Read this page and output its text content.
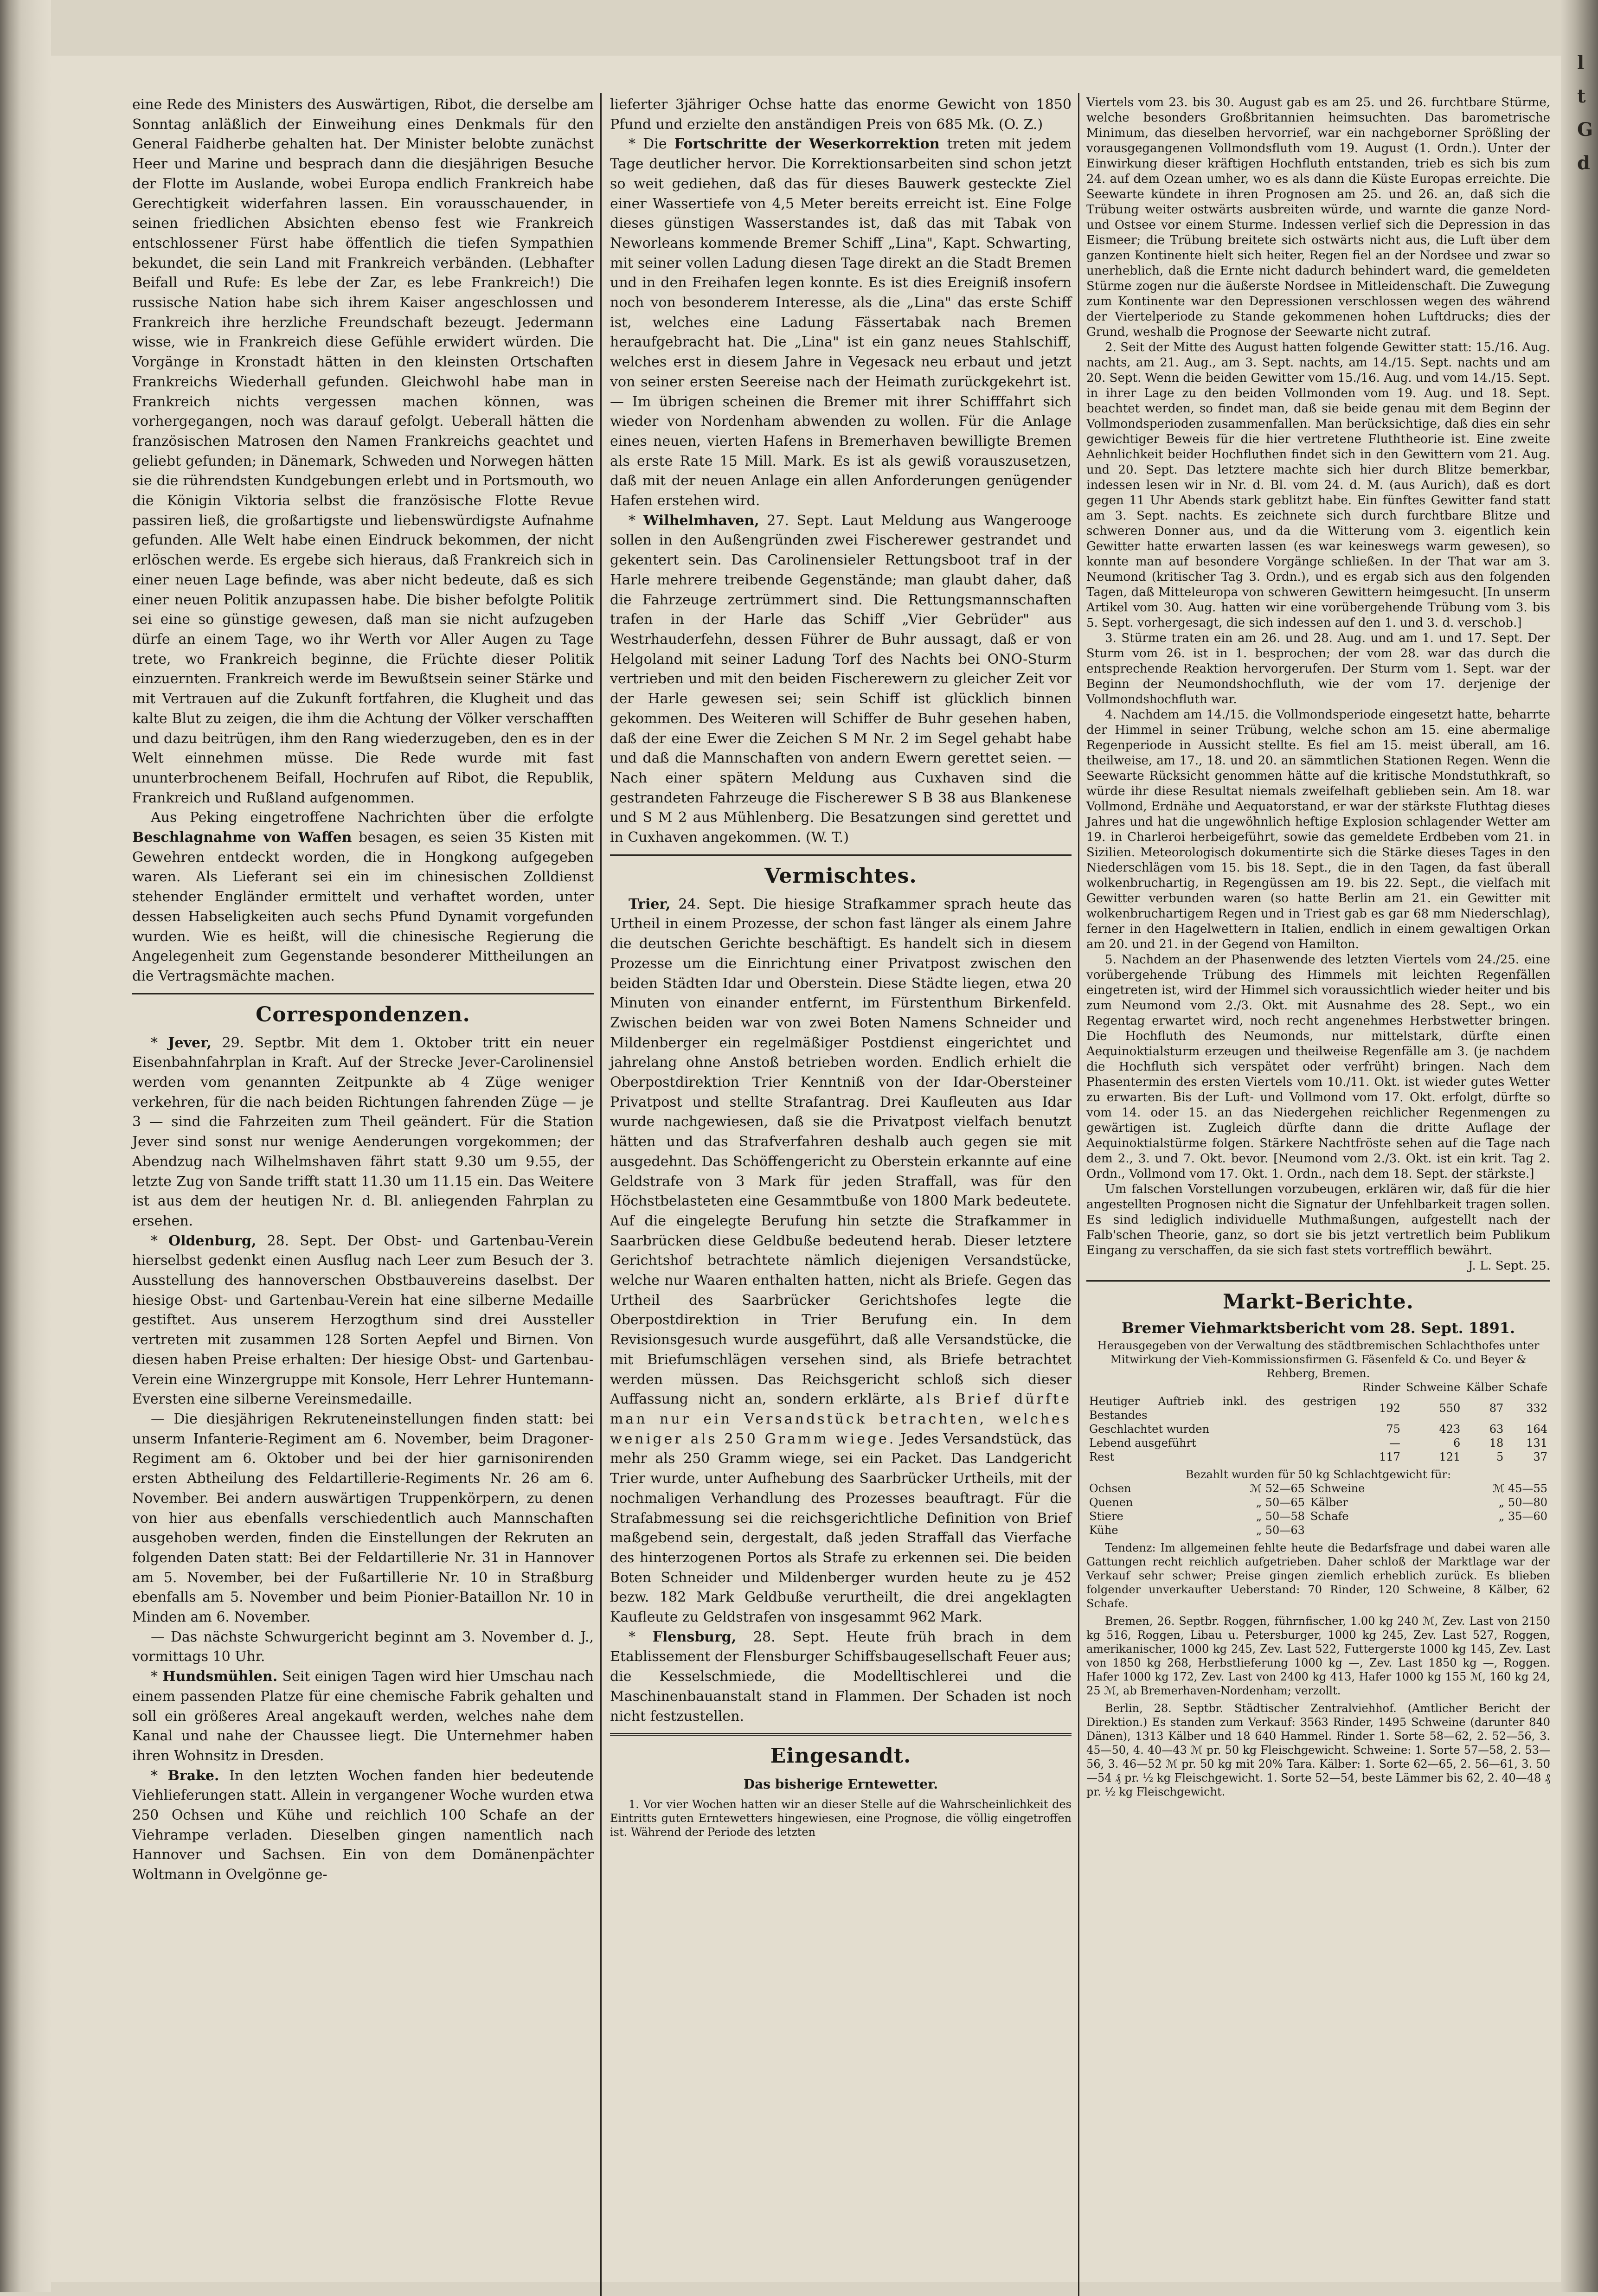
l
t
G
d

eine Rede des Ministers des Auswärtigen, Ribot, die derselbe am Sonntag anläßlich der Einweihung eines Denkmals für den General Faidherbe gehalten hat. Der Minister belobte zunächst Heer und Marine und besprach dann die diesjährigen Besuche der Flotte im Auslande, wobei Europa endlich Frankreich habe Gerechtigkeit widerfahren lassen. Ein vorausschauender, in seinen friedlichen Absichten ebenso fest wie Frankreich entschlossener Fürst habe öffentlich die tiefen Sympathien bekundet, die sein Land mit Frankreich verbänden. (Lebhafter Beifall und Rufe: Es lebe der Zar, es lebe Frankreich!) Die russische Nation habe sich ihrem Kaiser angeschlossen und Frankreich ihre herzliche Freundschaft bezeugt. Jedermann wisse, wie in Frankreich diese Gefühle erwidert würden. Die Vorgänge in Kronstadt hätten in den kleinsten Ortschaften Frankreichs Wiederhall gefunden. Gleichwohl habe man in Frankreich nichts vergessen machen können, was vorhergegangen, noch was darauf gefolgt. Ueberall hätten die französischen Matrosen den Namen Frankreichs geachtet und geliebt gefunden; in Dänemark, Schweden und Norwegen hätten sie die rührendsten Kundgebungen erlebt und in Portsmouth, wo die Königin Viktoria selbst die französische Flotte Revue passiren ließ, die großartigste und liebenswürdigste Aufnahme gefunden. Alle Welt habe einen Eindruck bekommen, der nicht erlöschen werde. Es ergebe sich hieraus, daß Frankreich sich in einer neuen Lage befinde, was aber nicht bedeute, daß es sich einer neuen Politik anzupassen habe. Die bisher befolgte Politik sei eine so günstige gewesen, daß man sie nicht aufzugeben dürfe an einem Tage, wo ihr Werth vor Aller Augen zu Tage trete, wo Frankreich beginne, die Früchte dieser Politik einzuernten. Frankreich werde im Bewußtsein seiner Stärke und mit Vertrauen auf die Zukunft fortfahren, die Klugheit und das kalte Blut zu zeigen, die ihm die Achtung der Völker verschafften und dazu beitrügen, ihm den Rang wiederzugeben, den es in der Welt einnehmen müsse. Die Rede wurde mit fast ununterbrochenem Beifall, Hochrufen auf Ribot, die Republik, Frankreich und Rußland aufgenommen.

Aus Peking eingetroffene Nachrichten über die erfolgte Beschlagnahme von Waffen besagen, es seien 35 Kisten mit Gewehren entdeckt worden, die in Hongkong aufgegeben waren. Als Lieferant sei ein im chinesischen Zolldienst stehender Engländer ermittelt und verhaftet worden, unter dessen Habseligkeiten auch sechs Pfund Dynamit vorgefunden wurden. Wie es heißt, will die chinesische Regierung die Angelegenheit zum Gegenstande besonderer Mittheilungen an die Vertragsmächte machen.

Correspondenzen.

* Jever, 29. Septbr. Mit dem 1. Oktober tritt ein neuer Eisenbahnfahrplan in Kraft. Auf der Strecke Jever-Carolinensiel werden vom genannten Zeitpunkte ab 4 Züge weniger verkehren, für die nach beiden Richtungen fahrenden Züge — je 3 — sind die Fahrzeiten zum Theil geändert. Für die Station Jever sind sonst nur wenige Aenderungen vorgekommen; der Abendzug nach Wilhelmshaven fährt statt 9.30 um 9.55, der letzte Zug von Sande trifft statt 11.30 um 11.15 ein. Das Weitere ist aus dem der heutigen Nr. d. Bl. anliegenden Fahrplan zu ersehen.

* Oldenburg, 28. Sept. Der Obst- und Gartenbau-Verein hierselbst gedenkt einen Ausflug nach Leer zum Besuch der 3. Ausstellung des hannoverschen Obstbauvereins daselbst. Der hiesige Obst- und Gartenbau-Verein hat eine silberne Medaille gestiftet. Aus unserem Herzogthum sind drei Aussteller vertreten mit zusammen 128 Sorten Aepfel und Birnen. Von diesen haben Preise erhalten: Der hiesige Obst- und Gartenbau-Verein eine Winzergruppe mit Konsole, Herr Lehrer Huntemann-Eversten eine silberne Vereinsmedaille.

— Die diesjährigen Rekruteneinstellungen finden statt: bei unserm Infanterie-Regiment am 6. November, beim Dragoner-Regiment am 6. Oktober und bei der hier garnisonirenden ersten Abtheilung des Feldartillerie-Regiments Nr. 26 am 6. November. Bei andern auswärtigen Truppenkörpern, zu denen von hier aus ebenfalls verschiedentlich auch Mannschaften ausgehoben werden, finden die Einstellungen der Rekruten an folgenden Daten statt: Bei der Feldartillerie Nr. 31 in Hannover am 5. November, bei der Fußartillerie Nr. 10 in Straßburg ebenfalls am 5. November und beim Pionier-Bataillon Nr. 10 in Minden am 6. November.

— Das nächste Schwurgericht beginnt am 3. November d. J., vormittags 10 Uhr.

* Hundsmühlen. Seit einigen Tagen wird hier Umschau nach einem passenden Platze für eine chemische Fabrik gehalten und soll ein größeres Areal angekauft werden, welches nahe dem Kanal und nahe der Chaussee liegt. Die Unternehmer haben ihren Wohnsitz in Dresden.

* Brake. In den letzten Wochen fanden hier bedeutende Viehlieferungen statt. Allein in vergangener Woche wurden etwa 250 Ochsen und Kühe und reichlich 100 Schafe an der Viehrampe verladen. Dieselben gingen namentlich nach Hannover und Sachsen. Ein von dem Domänenpächter Woltmann in Ovelgönne ge-

lieferter 3jähriger Ochse hatte das enorme Gewicht von 1850 Pfund und erzielte den anständigen Preis von 685 Mk. (O. Z.)

* Die Fortschritte der Weserkorrektion treten mit jedem Tage deutlicher hervor. Die Korrektionsarbeiten sind schon jetzt so weit gediehen, daß das für dieses Bauwerk gesteckte Ziel einer Wassertiefe von 4,5 Meter bereits erreicht ist. Eine Folge dieses günstigen Wasserstandes ist, daß das mit Tabak von Neworleans kommende Bremer Schiff „Lina", Kapt. Schwarting, mit seiner vollen Ladung diesen Tage direkt an die Stadt Bremen und in den Freihafen legen konnte. Es ist dies Ereigniß insofern noch von besonderem Interesse, als die „Lina" das erste Schiff ist, welches eine Ladung Fässertabak nach Bremen heraufgebracht hat. Die „Lina" ist ein ganz neues Stahlschiff, welches erst in diesem Jahre in Vegesack neu erbaut und jetzt von seiner ersten Seereise nach der Heimath zurückgekehrt ist. — Im übrigen scheinen die Bremer mit ihrer Schifffahrt sich wieder von Nordenham abwenden zu wollen. Für die Anlage eines neuen, vierten Hafens in Bremerhaven bewilligte Bremen als erste Rate 15 Mill. Mark. Es ist als gewiß vorauszusetzen, daß mit der neuen Anlage ein allen Anforderungen genügender Hafen erstehen wird.

* Wilhelmhaven, 27. Sept. Laut Meldung aus Wangerooge sollen in den Außengründen zwei Fischerewer gestrandet und gekentert sein. Das Carolinensieler Rettungsboot traf in der Harle mehrere treibende Gegenstände; man glaubt daher, daß die Fahrzeuge zertrümmert sind. Die Rettungsmannschaften trafen in der Harle das Schiff „Vier Gebrüder" aus Westrhauderfehn, dessen Führer de Buhr aussagt, daß er von Helgoland mit seiner Ladung Torf des Nachts bei ONO-Sturm vertrieben und mit den beiden Fischerewern zu gleicher Zeit vor der Harle gewesen sei; sein Schiff ist glücklich binnen gekommen. Des Weiteren will Schiffer de Buhr gesehen haben, daß der eine Ewer die Zeichen S M Nr. 2 im Segel gehabt habe und daß die Mannschaften von andern Ewern gerettet seien. — Nach einer spätern Meldung aus Cuxhaven sind die gestrandeten Fahrzeuge die Fischerewer S B 38 aus Blankenese und S M 2 aus Mühlenberg. Die Besatzungen sind gerettet und in Cuxhaven angekommen. (W. T.)

Vermischtes.

Trier, 24. Sept. Die hiesige Strafkammer sprach heute das Urtheil in einem Prozesse, der schon fast länger als einem Jahre die deutschen Gerichte beschäftigt. Es handelt sich in diesem Prozesse um die Einrichtung einer Privatpost zwischen den beiden Städten Idar und Oberstein. Diese Städte liegen, etwa 20 Minuten von einander entfernt, im Fürstenthum Birkenfeld. Zwischen beiden war von zwei Boten Namens Schneider und Mildenberger ein regelmäßiger Postdienst eingerichtet und jahrelang ohne Anstoß betrieben worden. Endlich erhielt die Oberpostdirektion Trier Kenntniß von der Idar-Obersteiner Privatpost und stellte Strafantrag. Drei Kaufleuten aus Idar wurde nachgewiesen, daß sie die Privatpost vielfach benutzt hätten und das Strafverfahren deshalb auch gegen sie mit ausgedehnt. Das Schöffengericht zu Oberstein erkannte auf eine Geldstrafe von 3 Mark für jeden Straffall, was für den Höchstbelasteten eine Gesammtbuße von 1800 Mark bedeutete. Auf die eingelegte Berufung hin setzte die Strafkammer in Saarbrücken diese Geldbuße bedeutend herab. Dieser letztere Gerichtshof betrachtete nämlich diejenigen Versandstücke, welche nur Waaren enthalten hatten, nicht als Briefe. Gegen das Urtheil des Saarbrücker Gerichtshofes legte die Oberpostdirektion in Trier Berufung ein. In dem Revisionsgesuch wurde ausgeführt, daß alle Versandstücke, die mit Briefumschlägen versehen sind, als Briefe betrachtet werden müssen. Das Reichsgericht schloß sich dieser Auffassung nicht an, sondern erklärte, als Brief dürfte man nur ein Versandstück betrachten, welches weniger als 250 Gramm wiege. Jedes Versandstück, das mehr als 250 Gramm wiege, sei ein Packet. Das Landgericht Trier wurde, unter Aufhebung des Saarbrücker Urtheils, mit der nochmaligen Verhandlung des Prozesses beauftragt. Für die Strafabmessung sei die reichsgerichtliche Definition von Brief maßgebend sein, dergestalt, daß jeden Straffall das Vierfache des hinterzogenen Portos als Strafe zu erkennen sei. Die beiden Boten Schneider und Mildenberger wurden heute zu je 452 bezw. 182 Mark Geldbuße verurtheilt, die drei angeklagten Kaufleute zu Geldstrafen von insgesammt 962 Mark.

* Flensburg, 28. Sept. Heute früh brach in dem Etablissement der Flensburger Schiffsbaugesellschaft Feuer aus; die Kesselschmiede, die Modelltischlerei und die Maschinenbauanstalt stand in Flammen. Der Schaden ist noch nicht festzustellen.

Eingesandt.
Das bisherige Erntewetter.

1. Vor vier Wochen hatten wir an dieser Stelle auf die Wahrscheinlichkeit des Eintritts guten Erntewetters hingewiesen, eine Prognose, die völlig eingetroffen ist. Während der Periode des letzten

Viertels vom 23. bis 30. August gab es am 25. und 26. furchtbare Stürme, welche besonders Großbritannien heimsuchten. Das barometrische Minimum, das dieselben hervorrief, war ein nachgeborner Sprößling der vorausgegangenen Vollmondsfluth vom 19. August (1. Ordn.). Unter der Einwirkung dieser kräftigen Hochfluth entstanden, trieb es sich bis zum 24. auf dem Ozean umher, wo es als dann die Küste Europas erreichte. Die Seewarte kündete in ihren Prognosen am 25. und 26. an, daß sich die Trübung weiter ostwärts ausbreiten würde, und warnte die ganze Nord- und Ostsee vor einem Sturme. Indessen verlief sich die Depression in das Eismeer; die Trübung breitete sich ostwärts nicht aus, die Luft über dem ganzen Kontinente hielt sich heiter, Regen fiel an der Nordsee und zwar so unerheblich, daß die Ernte nicht dadurch behindert ward, die gemeldeten Stürme zogen nur die äußerste Nordsee in Mitleidenschaft. Die Zuwegung zum Kontinente war den Depressionen verschlossen wegen des während der Viertelperiode zu Stande gekommenen hohen Luftdrucks; dies der Grund, weshalb die Prognose der Seewarte nicht zutraf.

2. Seit der Mitte des August hatten folgende Gewitter statt: 15./16. Aug. nachts, am 21. Aug., am 3. Sept. nachts, am 14./15. Sept. nachts und am 20. Sept. Wenn die beiden Gewitter vom 15./16. Aug. und vom 14./15. Sept. in ihrer Lage zu den beiden Vollmonden vom 19. Aug. und 18. Sept. beachtet werden, so findet man, daß sie beide genau mit dem Beginn der Vollmondsperioden zusammenfallen. Man berücksichtige, daß dies ein sehr gewichtiger Beweis für die hier vertretene Fluththeorie ist. Eine zweite Aehnlichkeit beider Hochfluthen findet sich in den Gewittern vom 21. Aug. und 20. Sept. Das letztere machte sich hier durch Blitze bemerkbar, indessen lesen wir in Nr. d. Bl. vom 24. d. M. (aus Aurich), daß es dort gegen 11 Uhr Abends stark geblitzt habe. Ein fünftes Gewitter fand statt am 3. Sept. nachts. Es zeichnete sich durch furchtbare Blitze und schweren Donner aus, und da die Witterung vom 3. eigentlich kein Gewitter hatte erwarten lassen (es war keineswegs warm gewesen), so konnte man auf besondere Vorgänge schließen. In der That war am 3. Neumond (kritischer Tag 3. Ordn.), und es ergab sich aus den folgenden Tagen, daß Mitteleuropa von schweren Gewittern heimgesucht. [In unserm Artikel vom 30. Aug. hatten wir eine vorübergehende Trübung vom 3. bis 5. Sept. vorhergesagt, die sich indessen auf den 1. und 3. d. verschob.]

3. Stürme traten ein am 26. und 28. Aug. und am 1. und 17. Sept. Der Sturm vom 26. ist in 1. besprochen; der vom 28. war das durch die entsprechende Reaktion hervorgerufen. Der Sturm vom 1. Sept. war der Beginn der Neumondshochfluth, wie der vom 17. derjenige der Vollmondshochfluth war.

4. Nachdem am 14./15. die Vollmondsperiode eingesetzt hatte, beharrte der Himmel in seiner Trübung, welche schon am 15. eine abermalige Regenperiode in Aussicht stellte. Es fiel am 15. meist überall, am 16. theilweise, am 17., 18. und 20. an sämmtlichen Stationen Regen. Wenn die Seewarte Rücksicht genommen hätte auf die kritische Mondstuthkraft, so würde ihr diese Resultat niemals zweifelhaft geblieben sein. Am 18. war Vollmond, Erdnähe und Aequatorstand, er war der stärkste Fluthtag dieses Jahres und hat die ungewöhnlich heftige Explosion schlagender Wetter am 19. in Charleroi herbeigeführt, sowie das gemeldete Erdbeben vom 21. in Sizilien. Meteorologisch dokumentirte sich die Stärke dieses Tages in den Niederschlägen vom 15. bis 18. Sept., die in den Tagen, da fast überall wolkenbruchartig, in Regengüssen am 19. bis 22. Sept., die vielfach mit Gewitter verbunden waren (so hatte Berlin am 21. ein Gewitter mit wolkenbruchartigem Regen und in Triest gab es gar 68 mm Niederschlag), ferner in den Hagelwettern in Italien, endlich in einem gewaltigen Orkan am 20. und 21. in der Gegend von Hamilton.

5. Nachdem an der Phasenwende des letzten Viertels vom 24./25. eine vorübergehende Trübung des Himmels mit leichten Regenfällen eingetreten ist, wird der Himmel sich voraussichtlich wieder heiter und bis zum Neumond vom 2./3. Okt. mit Ausnahme des 28. Sept., wo ein Regentag erwartet wird, noch recht angenehmes Herbstwetter bringen. Die Hochfluth des Neumonds, nur mittelstark, dürfte einen Aequinoktialsturm erzeugen und theilweise Regenfälle am 3. (je nachdem die Hochfluth sich verspätet oder verfrüht) bringen. Nach dem Phasentermin des ersten Viertels vom 10./11. Okt. ist wieder gutes Wetter zu erwarten. Bis der Luft- und Vollmond vom 17. Okt. erfolgt, dürfte so vom 14. oder 15. an das Niedergehen reichlicher Regenmengen zu gewärtigen ist. Zugleich dürfte dann die dritte Auflage der Aequinoktialstürme folgen. Stärkere Nachtfröste sehen auf die Tage nach dem 2., 3. und 7. Okt. bevor. [Neumond vom 2./3. Okt. ist ein krit. Tag 2. Ordn., Vollmond vom 17. Okt. 1. Ordn., nach dem 18. Sept. der stärkste.]

Um falschen Vorstellungen vorzubeugen, erklären wir, daß für die hier angestellten Prognosen nicht die Signatur der Unfehlbarkeit tragen sollen. Es sind lediglich individuelle Muthmaßungen, aufgestellt nach der Falb'schen Theorie, ganz, so dort sie bis jetzt vertretlich beim Publikum Eingang zu verschaffen, da sie sich fast stets vortrefflich bewährt.

J. L. Sept. 25.

Markt-Berichte.
Bremer Viehmarktsbericht vom 28. Sept. 1891.

Herausgegeben von der Verwaltung des städtbremischen Schlachthofes unter Mitwirkung der Vieh-Kommissionsfirmen G. Fäsenfeld & Co. und Beyer & Rehberg, Bremen.

	Rinder	Schweine	Kälber	Schafe
Heutiger Auftrieb inkl. des gestrigen Bestandes	192	550	87	332
Geschlachtet wurden	75	423	63	164
Lebend ausgeführt	—	6	18	131
Rest	117	121	5	37

Bezahlt wurden für 50 kg Schlachtgewicht für:

Ochsen	ℳ 52—65	Schweine	ℳ 45—55
Quenen	„ 50—65	Kälber	„ 50—80
Stiere	„ 50—58	Schafe	„ 35—60
Kühe	„ 50—63		

Tendenz: Im allgemeinen fehlte heute die Bedarfsfrage und dabei waren alle Gattungen recht reichlich aufgetrieben. Daher schloß der Marktlage war der Verkauf sehr schwer; Preise gingen ziemlich erheblich zurück. Es blieben folgender unverkaufter Ueberstand: 70 Rinder, 120 Schweine, 8 Kälber, 62 Schafe.

Bremen, 26. Septbr. Roggen, führnfischer, 1.00 kg 240 ℳ, Zev. Last von 2150 kg 516, Roggen, Libau u. Petersburger, 1000 kg 245, Zev. Last 527, Roggen, amerikanischer, 1000 kg 245, Zev. Last 522, Futtergerste 1000 kg 145, Zev. Last von 1850 kg 268, Herbstlieferung 1000 kg —, Zev. Last 1850 kg —, Roggen. Hafer 1000 kg 172, Zev. Last von 2400 kg 413, Hafer 1000 kg 155 ℳ, 160 kg 24, 25 ℳ, ab Bremerhaven-Nordenham; verzollt.

Berlin, 28. Septbr. Städtischer Zentralviehhof. (Amtlicher Bericht der Direktion.) Es standen zum Verkauf: 3563 Rinder, 1495 Schweine (darunter 840 Dänen), 1313 Kälber und 18 640 Hammel. Rinder 1. Sorte 58—62, 2. 52—56, 3. 45—50, 4. 40—43 ℳ pr. 50 kg Fleischgewicht. Schweine: 1. Sorte 57—58, 2. 53—56, 3. 46—52 ℳ pr. 50 kg mit 20% Tara. Kälber: 1. Sorte 62—65, 2. 56—61, 3. 50—54 ₰ pr. ½ kg Fleischgewicht. 1. Sorte 52—54, beste Lämmer bis 62, 2. 40—48 ₰ pr. ½ kg Fleischgewicht.
